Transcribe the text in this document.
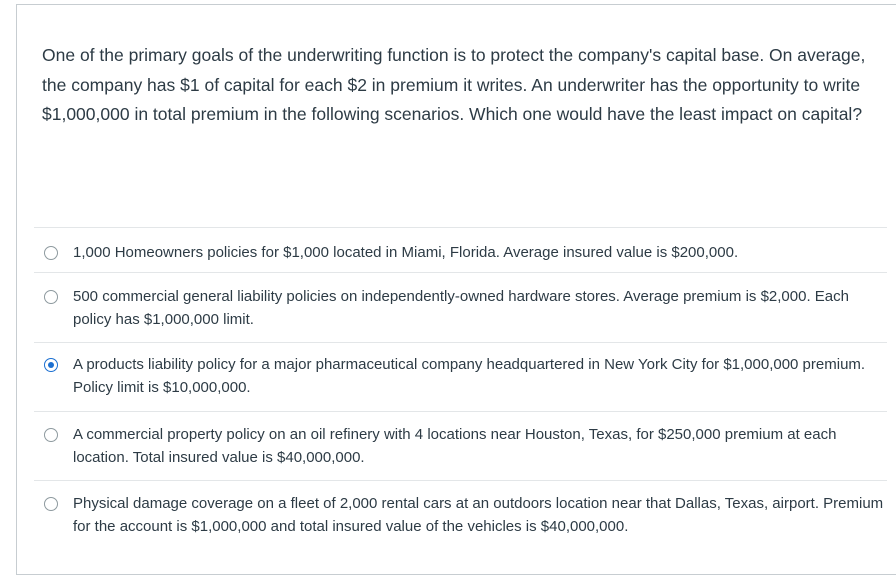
One of the primary goals of the underwriting function is to protect the company's capital base. On average, the company has $1 of capital for each $2 in premium it writes. An underwriter has the opportunity to write $1,000,000 in total premium in the following scenarios. Which one would have the least impact on capital?

1,000 Homeowners policies for $1,000 located in Miami, Florida. Average insured value is $200,000.
500 commercial general liability policies on independently-owned hardware stores. Average premium is $2,000. Each policy has $1,000,000 limit.
A products liability policy for a major pharmaceutical company headquartered in New York City for $1,000,000 premium. Policy limit is $10,000,000.
A commercial property policy on an oil refinery with 4 locations near Houston, Texas, for $250,000 premium at each location. Total insured value is $40,000,000.
Physical damage coverage on a fleet of 2,000 rental cars at an outdoors location near that Dallas, Texas, airport. Premium for the account is $1,000,000 and total insured value of the vehicles is $40,000,000.
